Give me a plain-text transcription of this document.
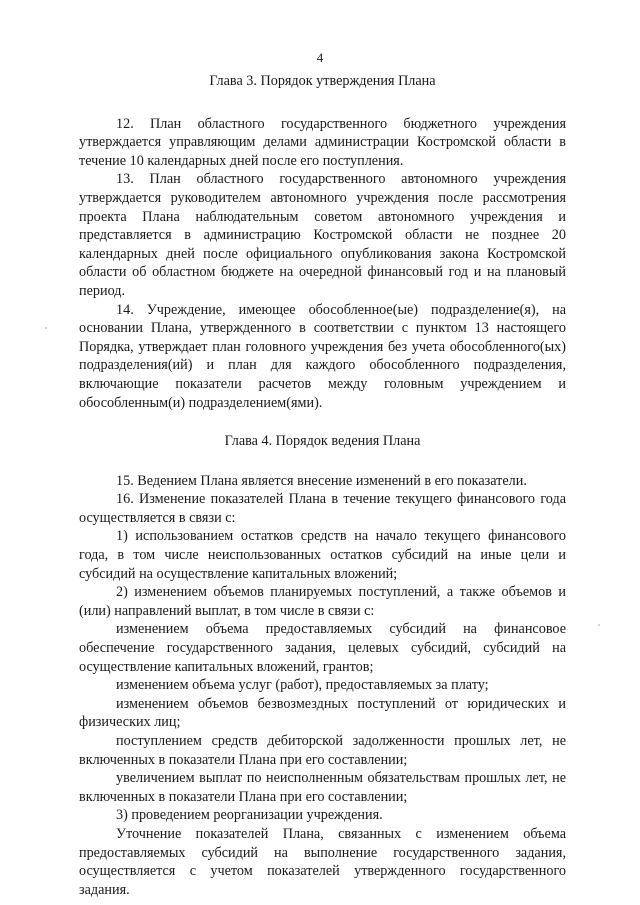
4
Глава 3. Порядок утверждения Плана

12. План областного государственного бюджетного учреждения утверждается управляющим делами администрации Костромской области в течение 10 календарных дней после его поступления.

13. План областного государственного автономного учреждения утверждается руководителем автономного учреждения после рассмотрения проекта Плана наблюдательным советом автономного учреждения и представляется в администрацию Костромской области не позднее 20 календарных дней после официального опубликования закона Костромской области об областном бюджете на очередной финансовый год и на плановый период.

14. Учреждение, имеющее обособленное(ые) подразделение(я), на основании Плана, утвержденного в соответствии с пунктом 13 настоящего Порядка, утверждает план головного учреждения без учета обособленного(ых) подразделения(ий) и план для каждого обособленного подразделения, включающие показатели расчетов между головным учреждением и обособленным(и) подразделением(ями).

Глава 4. Порядок ведения Плана

15. Ведением Плана является внесение изменений в его показатели.

16. Изменение показателей Плана в течение текущего финансового года осуществляется в связи с:

1) использованием остатков средств на начало текущего финансового года, в том числе неиспользованных остатков субсидий на иные цели и субсидий на осуществление капитальных вложений;

2) изменением объемов планируемых поступлений, а также объемов и (или) направлений выплат, в том числе в связи с:

изменением объема предоставляемых субсидий на финансовое обеспечение государственного задания, целевых субсидий, субсидий на осуществление капитальных вложений, грантов;

изменением объема услуг (работ), предоставляемых за плату;

изменением объемов безвозмездных поступлений от юридических и физических лиц;

поступлением средств дебиторской задолженности прошлых лет, не включенных в показатели Плана при его составлении;

увеличением выплат по неисполненным обязательствам прошлых лет, не включенных в показатели Плана при его составлении;

3) проведением реорганизации учреждения.

Уточнение показателей Плана, связанных с изменением объема предоставляемых субсидий на выполнение государственного задания, осуществляется с учетом показателей утвержденного государственного задания.
